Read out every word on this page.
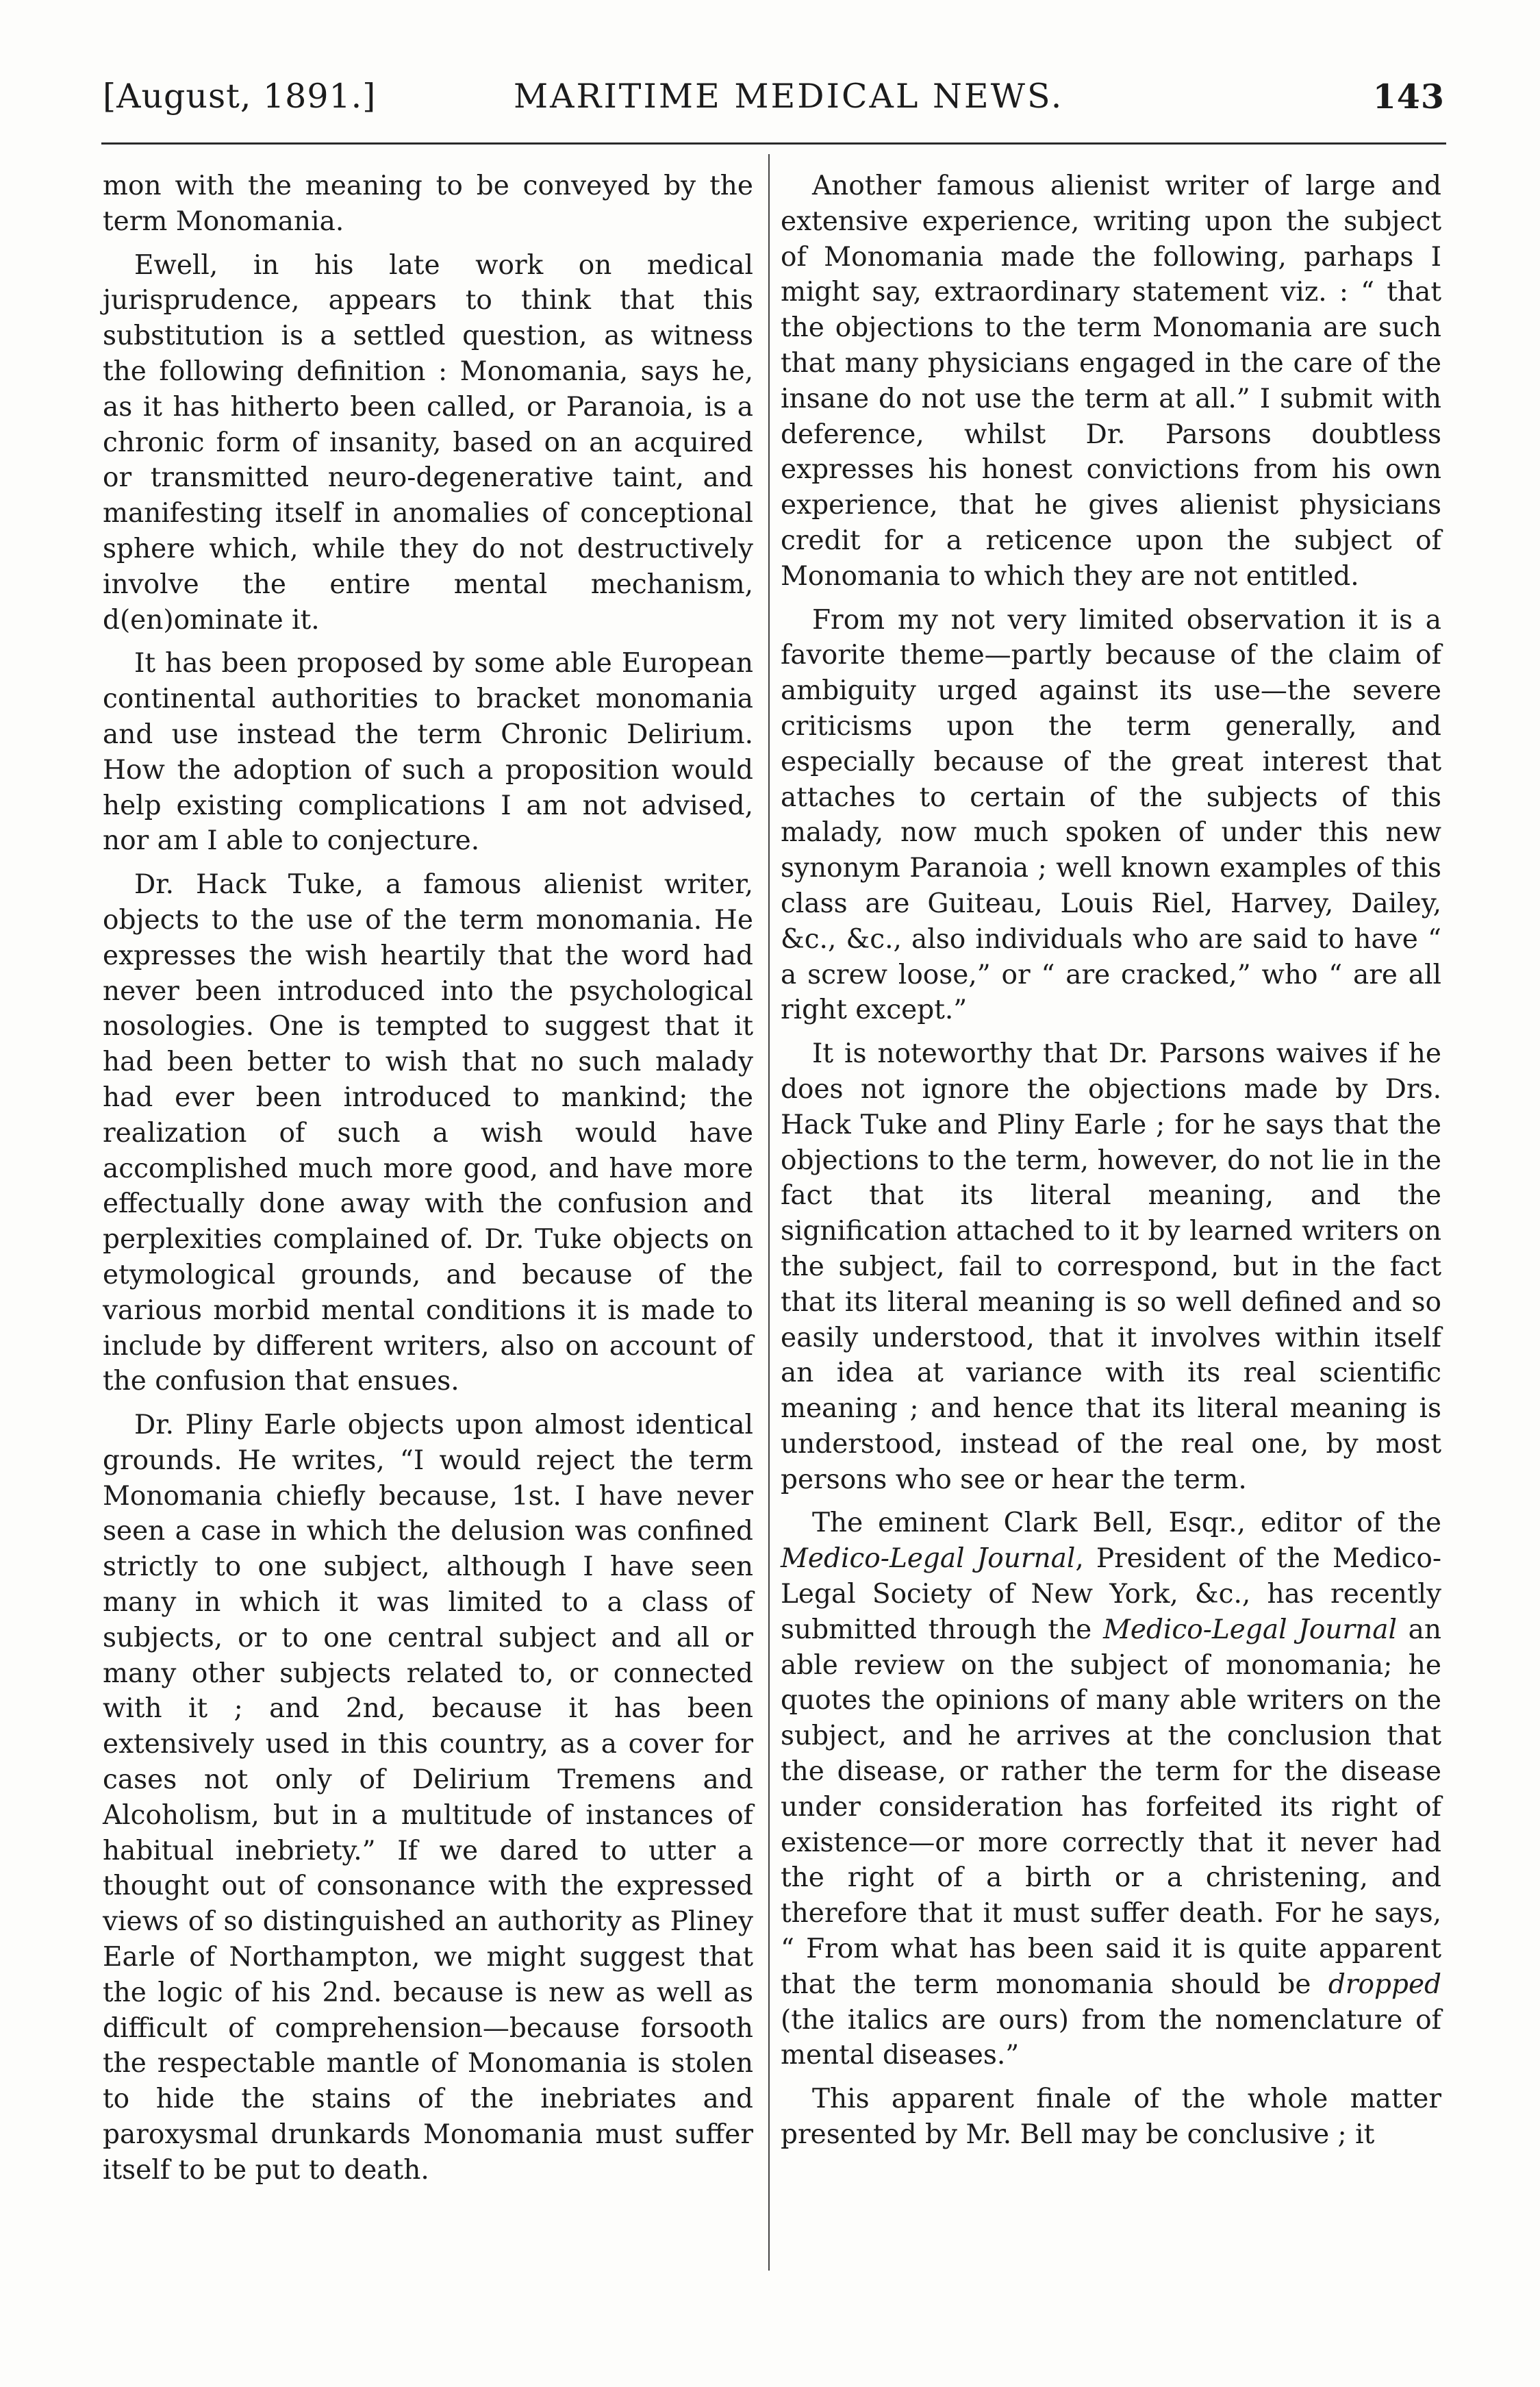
[August, 1891.]	MARITIME MEDICAL NEWS.	143

mon with the meaning to be conveyed by the term Monomania.

Ewell, in his late work on medical jurisprudence, appears to think that this substitution is a settled question, as witness the following definition : Monomania, says he, as it has hitherto been called, or Paranoia, is a chronic form of insanity, based on an acquired or transmitted neuro-degenerative taint, and manifesting itself in anomalies of conceptional sphere which, while they do not destructively involve the entire mental mechanism, d(en)ominate it.

It has been proposed by some able European continental authorities to bracket monomania and use instead the term Chronic Delirium. How the adoption of such a proposition would help existing complications I am not advised, nor am I able to conjecture.

Dr. Hack Tuke, a famous alienist writer, objects to the use of the term monomania. He expresses the wish heartily that the word had never been introduced into the psychological nosologies. One is tempted to suggest that it had been better to wish that no such malady had ever been introduced to mankind; the realization of such a wish would have accomplished much more good, and have more effectually done away with the confusion and perplexities complained of. Dr. Tuke objects on etymological grounds, and because of the various morbid mental conditions it is made to include by different writers, also on account of the confusion that ensues.

Dr. Pliny Earle objects upon almost identical grounds. He writes, “I would reject the term Monomania chiefly because, 1st. I have never seen a case in which the delusion was confined strictly to one subject, although I have seen many in which it was limited to a class of subjects, or to one central subject and all or many other subjects related to, or connected with it ; and 2nd, because it has been extensively used in this country, as a cover for cases not only of Delirium Tremens and Alcoholism, but in a multitude of instances of habitual inebriety.” If we dared to utter a thought out of consonance with the expressed views of so distinguished an authority as Pliney Earle of Northampton, we might suggest that the logic of his 2nd. because is new as well as difficult of comprehension—because forsooth the respectable mantle of Monomania is stolen to hide the stains of the inebriates and paroxysmal drunkards Monomania must suffer itself to be put to death.

Another famous alienist writer of large and extensive experience, writing upon the subject of Monomania made the following, parhaps I might say, extraordinary statement viz. : “ that the objections to the term Monomania are such that many physicians engaged in the care of the insane do not use the term at all.” I submit with deference, whilst Dr. Parsons doubtless expresses his honest convictions from his own experience, that he gives alienist physicians credit for a reticence upon the subject of Monomania to which they are not entitled.

From my not very limited observation it is a favorite theme—partly because of the claim of ambiguity urged against its use—the severe criticisms upon the term generally, and especially because of the great interest that attaches to certain of the subjects of this malady, now much spoken of under this new synonym Paranoia ; well known examples of this class are Guiteau, Louis Riel, Harvey, Dailey, &c., &c., also individuals who are said to have “ a screw loose,” or “ are cracked,” who “ are all right except.”

It is noteworthy that Dr. Parsons waives if he does not ignore the objections made by Drs. Hack Tuke and Pliny Earle ; for he says that the objections to the term, however, do not lie in the fact that its literal meaning, and the signification attached to it by learned writers on the subject, fail to correspond, but in the fact that its literal meaning is so well defined and so easily understood, that it involves within itself an idea at variance with its real scientific meaning ; and hence that its literal meaning is understood, instead of the real one, by most persons who see or hear the term.

The eminent Clark Bell, Esqr., editor of the Medico-Legal Journal, President of the Medico-Legal Society of New York, &c., has recently submitted through the Medico-Legal Journal an able review on the subject of monomania; he quotes the opinions of many able writers on the subject, and he arrives at the conclusion that the disease, or rather the term for the disease under consideration has forfeited its right of existence—or more correctly that it never had the right of a birth or a christening, and therefore that it must suffer death. For he says, “ From what has been said it is quite apparent that the term monomania should be dropped (the italics are ours) from the nomenclature of mental diseases.”

This apparent finale of the whole matter presented by Mr. Bell may be conclusive ; it
